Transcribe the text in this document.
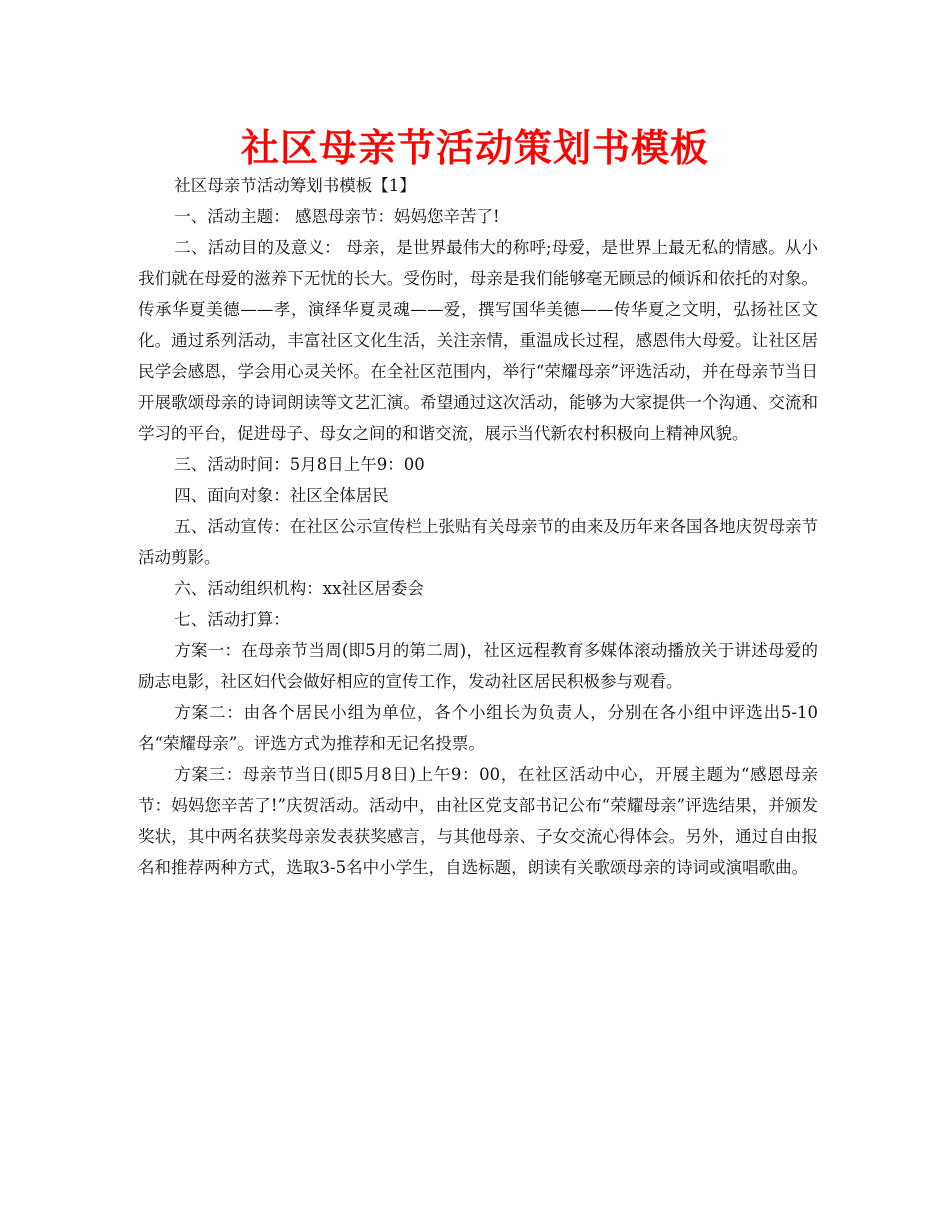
社区母亲节活动策划书模板

社区母亲节活动筹划书模板【1】

一、活动主题： 感恩母亲节：妈妈您辛苦了!

二、活动目的及意义： 母亲，是世界最伟大的称呼;母爱，是世界上最无私的情感。从小我们就在母爱的滋养下无忧的长大。受伤时，母亲是我们能够毫无顾忌的倾诉和依托的对象。传承华夏美德——孝，演绎华夏灵魂——爱，撰写国华美德——传华夏之文明，弘扬社区文化。通过系列活动，丰富社区文化生活，关注亲情，重温成长过程，感恩伟大母爱。让社区居民学会感恩，学会用心灵关怀。在全社区范围内，举行“荣耀母亲”评选活动，并在母亲节当日开展歌颂母亲的诗词朗读等文艺汇演。希望通过这次活动，能够为大家提供一个沟通、交流和学习的平台，促进母子、母女之间的和谐交流，展示当代新农村积极向上精神风貌。

三、活动时间：5月8日上午9：00

四、面向对象：社区全体居民

五、活动宣传：在社区公示宣传栏上张贴有关母亲节的由来及历年来各国各地庆贺母亲节活动剪影。

六、活动组织机构：xx社区居委会

七、活动打算：

方案一：在母亲节当周(即5月的第二周)，社区远程教育多媒体滚动播放关于讲述母爱的励志电影，社区妇代会做好相应的宣传工作，发动社区居民积极参与观看。

方案二：由各个居民小组为单位，各个小组长为负责人，分别在各小组中评选出5-10名“荣耀母亲”。评选方式为推荐和无记名投票。

方案三：母亲节当日(即5月8日)上午9：00，在社区活动中心，开展主题为“感恩母亲节：妈妈您辛苦了!”庆贺活动。活动中，由社区党支部书记公布“荣耀母亲”评选结果，并颁发奖状，其中两名获奖母亲发表获奖感言，与其他母亲、子女交流心得体会。另外，通过自由报名和推荐两种方式，选取3-5名中小学生，自选标题，朗读有关歌颂母亲的诗词或演唱歌曲。
